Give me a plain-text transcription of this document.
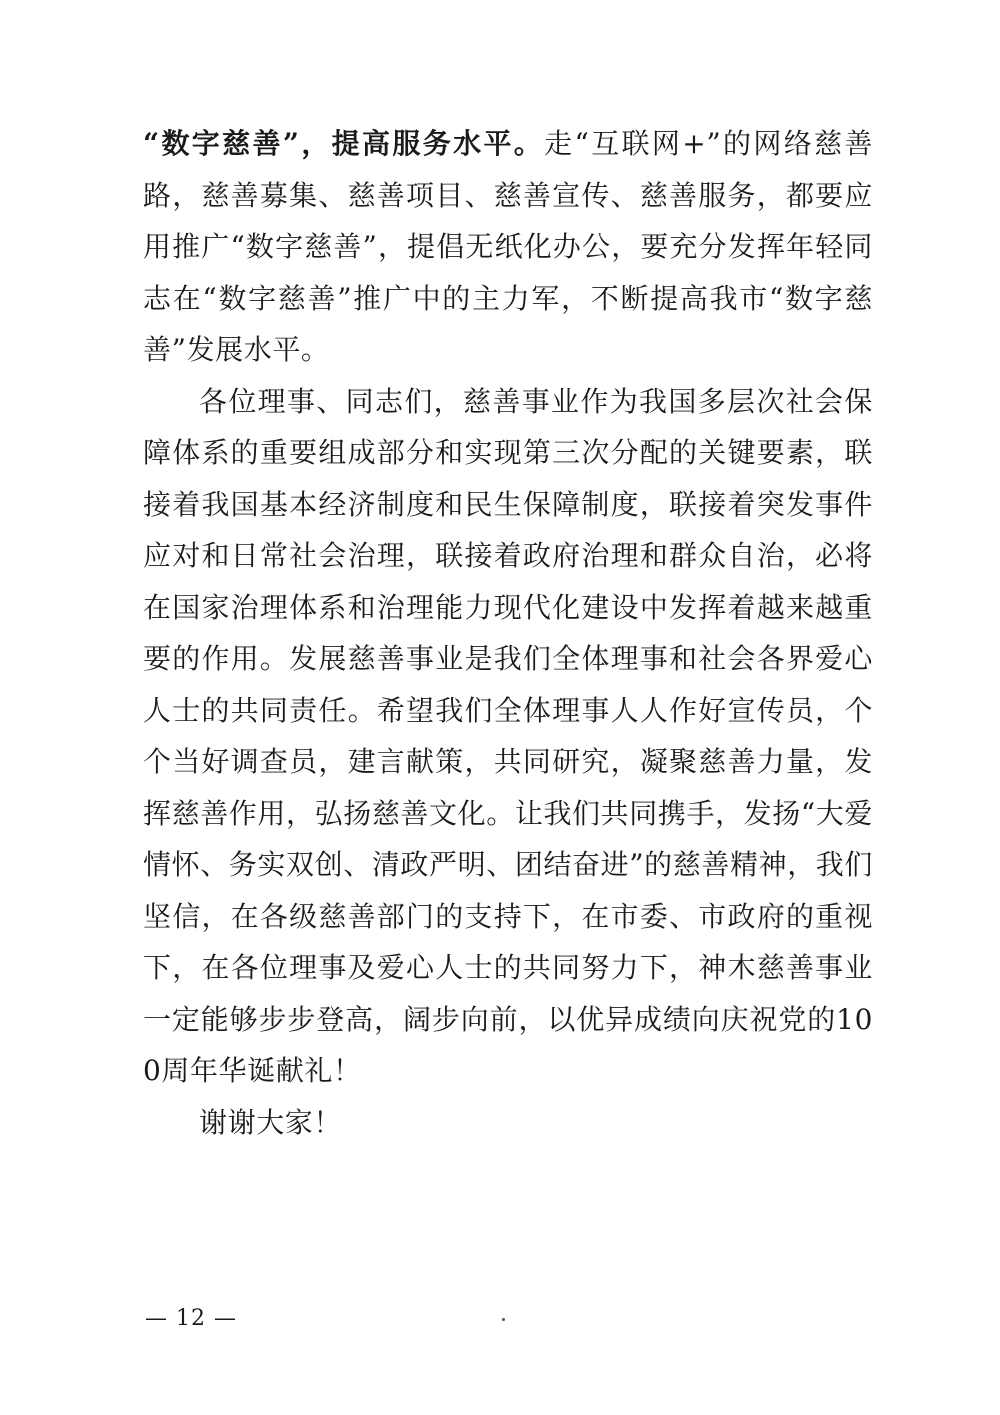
“数字慈善”，提高服务水平。走“互联网+”的网络慈善路，慈善募集、慈善项目、慈善宣传、慈善服务，都要应用推广“数字慈善”，提倡无纸化办公，要充分发挥年轻同志在“数字慈善”推广中的主力军，不断提高我市“数字慈善”发展水平。

各位理事、同志们，慈善事业作为我国多层次社会保障体系的重要组成部分和实现第三次分配的关键要素，联接着我国基本经济制度和民生保障制度，联接着突发事件应对和日常社会治理，联接着政府治理和群众自治，必将在国家治理体系和治理能力现代化建设中发挥着越来越重要的作用。发展慈善事业是我们全体理事和社会各界爱心人士的共同责任。希望我们全体理事人人作好宣传员，个个当好调查员，建言献策，共同研究，凝聚慈善力量，发挥慈善作用，弘扬慈善文化。让我们共同携手，发扬“大爱情怀、务实双创、清政严明、团结奋进”的慈善精神，我们坚信，在各级慈善部门的支持下，在市委、市政府的重视下，在各位理事及爱心人士的共同努力下，神木慈善事业一定能够步步登高，阔步向前，以优异成绩向庆祝党的100周年华诞献礼！

谢谢大家！

— 12 —
